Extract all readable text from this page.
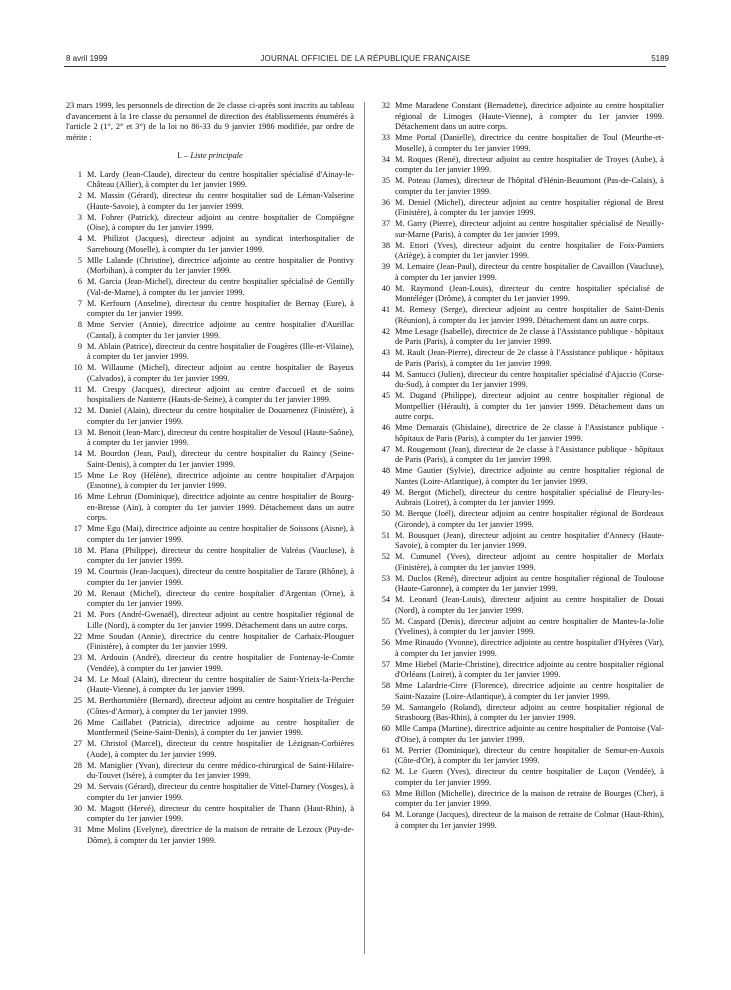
8 avril 1999	JOURNAL OFFICIEL DE LA RÉPUBLIQUE FRANÇAISE	5189

23 mars 1999, les personnels de direction de 2e classe ci-après sont inscrits au tableau d'avancement à la 1re classe du personnel de direction des établissements énumérés à l'article 2 (1°, 2° et 3°) de la loi no 86-33 du 9 janvier 1986 modifiée, par ordre de mérite :

I. – Liste principale
1 M. Lardy (Jean-Claude), directeur du centre hospitalier spécialisé d'Ainay-le-Château (Allier), à compter du 1er janvier 1999.
2 M. Massin (Gérard), directeur du centre hospitalier sud de Léman-Valserine (Haute-Savoie), à compter du 1er janvier 1999.
3 M. Fohrer (Patrick), directeur adjoint au centre hospitalier de Compiègne (Oise), à compter du 1er janvier 1999.
4 M. Philizot (Jacques), directeur adjoint au syndicat interhospitalier de Sarrebourg (Moselle), à compter du 1er janvier 1999.
5 Mlle Lalande (Christine), directrice adjointe au centre hospitalier de Pontivy (Morbihan), à compter du 1er janvier 1999.
6 M. Garcia (Jean-Michel), directeur du centre hospitalier spécialisé de Gentilly (Val-de-Marne), à compter du 1er janvier 1999.
7 M. Kerfourn (Anselme), directeur du centre hospitalier de Bernay (Eure), à compter du 1er janvier 1999.
8 Mme Servier (Annie), directrice adjointe au centre hospitalier d'Aurillac (Cantal), à compter du 1er janvier 1999.
9 M. Ablain (Patrice), directeur du centre hospitalier de Fougères (Ille-et-Vilaine), à compter du 1er janvier 1999.
10 M. Willaume (Michel), directeur adjoint au centre hospitalier de Bayeux (Calvados), à compter du 1er janvier 1999.
11 M. Crespy (Jacques), directeur adjoint au centre d'accueil et de soins hospitaliers de Nanterre (Hauts-de-Seine), à compter du 1er janvier 1999.
12 M. Daniel (Alain), directeur du centre hospitalier de Douarnenez (Finistère), à compter du 1er janvier 1999.
13 M. Benoit (Jean-Marc), directeur du centre hospitalier de Vesoul (Haute-Saône), à compter du 1er janvier 1999.
14 M. Bourdon (Jean, Paul), directeur du centre hospitalier du Raincy (Seine-Saint-Denis), à compter du 1er janvier 1999.
15 Mme Le Roy (Hélène), directrice adjointe au centre hospitalier d'Arpajon (Essonne), à compter du 1er janvier 1999.
16 Mme Lehrun (Dominique), directrice adjointe au centre hospitalier de Bourg-en-Bresse (Ain), à compter du 1er janvier 1999. Détachement dans un autre corps.
17 Mme Egu (Mai), directrice adjointe au centre hospitalier de Soissons (Aisne), à compter du 1er janvier 1999.
18 M. Plana (Philippe), directeur du centre hospitalier de Valréas (Vaucluse), à compter du 1er janvier 1999.
19 M. Courtois (Jean-Jacques), directeur du centre hospitalier de Tarare (Rhône), à compter du 1er janvier 1999.
20 M. Renaut (Michel), directeur du centre hospitalier d'Argentan (Orne), à compter du 1er janvier 1999.
21 M. Pors (André-Gwenaël), directeur adjoint au centre hospitalier régional de Lille (Nord), à compter du 1er janvier 1999. Détachement dans un autre corps.
22 Mme Soudan (Annie), directrice du centre hospitalier de Carhaix-Plouguer (Finistère), à compter du 1er janvier 1999.
23 M. Ardouin (André), directeur du centre hospitalier de Fontenay-le-Comte (Vendée), à compter du 1er janvier 1999.
24 M. Le Moal (Alain), directeur du centre hospitalier de Saint-Yrieix-la-Perche (Haute-Vienne), à compter du 1er janvier 1999.
25 M. Berthommière (Bernard), directeur adjoint au centre hospitalier de Tréguier (Côtes-d'Armor), à compter du 1er janvier 1999.
26 Mme Caillabet (Patricia), directrice adjointe au centre hospitalier de Montfermeil (Seine-Saint-Denis), à compter du 1er janvier 1999.
27 M. Christol (Marcel), directeur du centre hospitalier de Lézignan-Corbières (Aude), à compter du 1er janvier 1999.
28 M. Maniglier (Yvan), directeur du centre médico-chirurgical de Saint-Hilaire-du-Touvet (Isère), à compter du 1er janvier 1999.
29 M. Servais (Gérard), directeur du centre hospitalier de Vittel-Darney (Vosges), à compter du 1er janvier 1999.
30 M. Magott (Hervé), directeur du centre hospitalier de Thann (Haut-Rhin), à compter du 1er janvier 1999.
31 Mme Molins (Evelyne), directrice de la maison de retraite de Lezoux (Puy-de-Dôme), à compter du 1er janvier 1999.
32 Mme Maradene Constant (Bernadette), directrice adjointe au centre hospitalier régional de Limoges (Haute-Vienne), à compter du 1er janvier 1999. Détachement dans un autre corps.
33 Mme Portal (Danielle), directrice du centre hospitalier de Toul (Meurthe-et-Moselle), à compter du 1er janvier 1999.
34 M. Roques (René), directeur adjoint au centre hospitalier de Troyes (Aube), à compter du 1er janvier 1999.
35 M. Poteau (James), directeur de l'hôpital d'Hénin-Beaumont (Pas-de-Calais), à compter du 1er janvier 1999.
36 M. Deniel (Michel), directeur adjoint au centre hospitalier régional de Brest (Finistère), à compter du 1er janvier 1999.
37 M. Garry (Pierre), directeur adjoint au centre hospitalier spécialisé de Neuilly-sur-Marne (Paris), à compter du 1er janvier 1999.
38 M. Ettori (Yves), directeur adjoint du centre hospitalier de Foix-Pamiers (Ariège), à compter du 1er janvier 1999.
39 M. Lemaire (Jean-Paul), directeur du centre hospitalier de Cavaillon (Vaucluse), à compter du 1er janvier 1999.
40 M. Raymond (Jean-Louis), directeur du centre hospitalier spécialisé de Montéléger (Drôme), à compter du 1er janvier 1999.
41 M. Remesy (Serge), directeur adjoint au centre hospitalier de Saint-Denis (Réunion), à compter du 1er janvier 1999. Détachement dans un autre corps.
42 Mme Lesage (Isabelle), directrice de 2e classe à l'Assistance publique - hôpitaux de Paris (Paris), à compter du 1er janvier 1999.
43 M. Rault (Jean-Pierre), directeur de 2e classe à l'Assistance publique - hôpitaux de Paris (Paris), à compter du 1er janvier 1999.
44 M. Santucci (Julien), directeur du centre hospitalier spécialisé d'Ajaccio (Corse-du-Sud), à compter du 1er janvier 1999.
45 M. Dugand (Philippe), directeur adjoint au centre hospitalier régional de Montpellier (Hérault), à compter du 1er janvier 1999. Détachement dans un autre corps.
46 Mme Demarais (Ghislaine), directrice de 2e classe à l'Assistance publique - hôpitaux de Paris (Paris), à compter du 1er janvier 1999.
47 M. Rougemont (Jean), directeur de 2e classe à l'Assistance publique - hôpitaux de Paris (Paris), à compter du 1er janvier 1999.
48 Mme Gautier (Sylvie), directrice adjointe au centre hospitalier régional de Nantes (Loire-Atlantique), à compter du 1er janvier 1999.
49 M. Bergot (Michel), directeur du centre hospitalier spécialisé de Fleury-les-Aubrais (Loiret), à compter du 1er janvier 1999.
50 M. Berque (Joël), directeur adjoint au centre hospitalier régional de Bordeaux (Gironde), à compter du 1er janvier 1999.
51 M. Bousquet (Jean), directeur adjoint au centre hospitalier d'Annecy (Haute-Savoie), à compter du 1er janvier 1999.
52 M. Cumunel (Yves), directeur adjoint au centre hospitalier de Morlaix (Finistère), à compter du 1er janvier 1999.
53 M. Duclos (René), directeur adjoint au centre hospitalier régional de Toulouse (Haute-Garonne), à compter du 1er janvier 1999.
54 M. Leonard (Jean-Louis), directeur adjoint au centre hospitalier de Douai (Nord), à compter du 1er janvier 1999.
55 M. Caspard (Denis), directeur adjoint au centre hospitalier de Mantes-la-Jolie (Yvelines), à compter du 1er janvier 1999.
56 Mme Rinaudo (Yvonne), directrice adjointe au centre hospitalier d'Hyères (Var), à compter du 1er janvier 1999.
57 Mme Hiebel (Marie-Christine), directrice adjointe au centre hospitalier régional d'Orléans (Loiret), à compter du 1er janvier 1999.
58 Mme Lalardrie-Cirre (Florence), directrice adjointe au centre hospitalier de Saint-Nazaire (Loire-Atlantique), à compter du 1er janvier 1999.
59 M. Santangelo (Roland), directeur adjoint au centre hospitalier régional de Strasbourg (Bas-Rhin), à compter du 1er janvier 1999.
60 Mlle Campa (Martine), directrice adjointe au centre hospitalier de Pontoise (Val-d'Oise), à compter du 1er janvier 1999.
61 M. Perrier (Dominique), directeur du centre hospitalier de Semur-en-Auxois (Côte-d'Or), à compter du 1er janvier 1999.
62 M. Le Guern (Yves), directeur du centre hospitalier de Luçon (Vendée), à compter du 1er janvier 1999.
63 Mme Billon (Michelle), directrice de la maison de retraite de Bourges (Cher), à compter du 1er janvier 1999.
64 M. Lorange (Jacques), directeur de la maison de retraite de Colmar (Haut-Rhin), à compter du 1er janvier 1999.
